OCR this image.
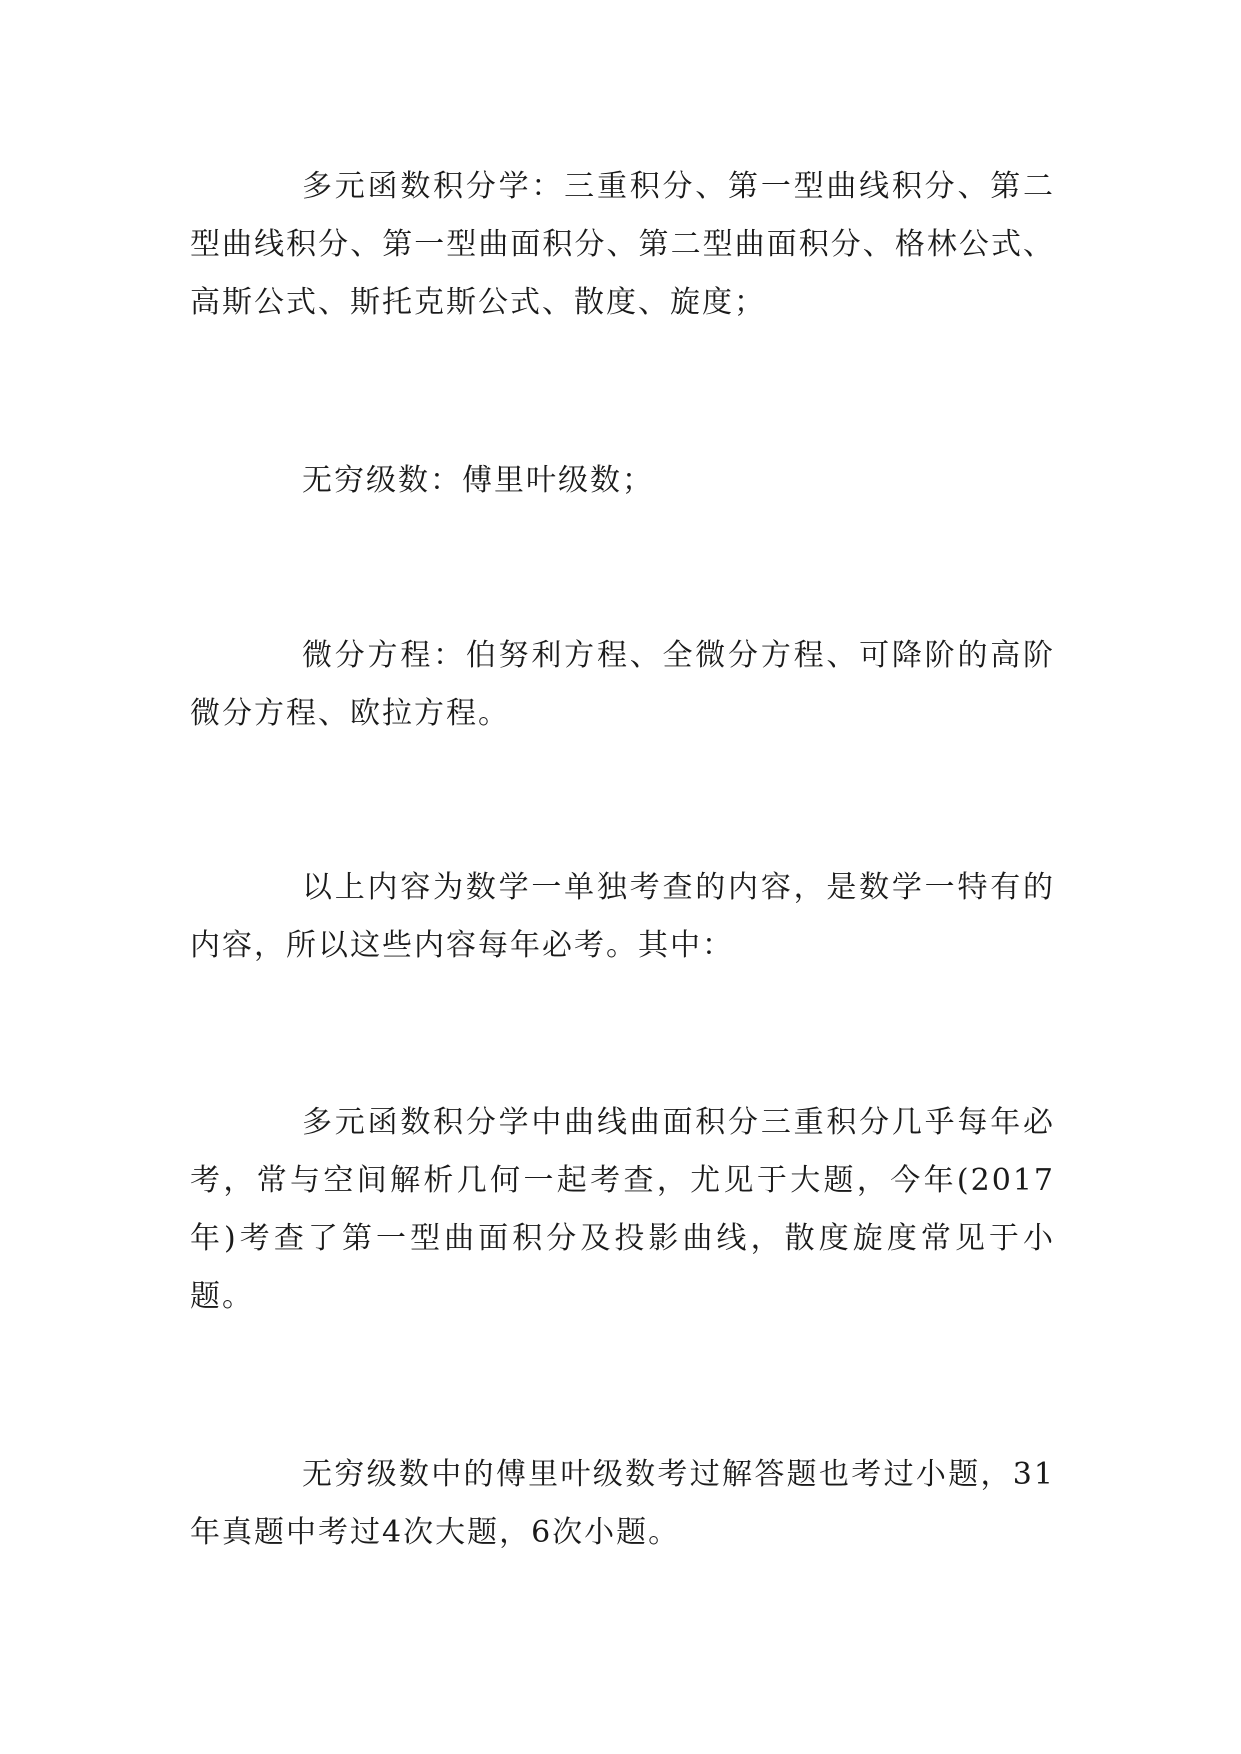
多元函数积分学：三重积分、第一型曲线积分、第二型曲线积分、第一型曲面积分、第二型曲面积分、格林公式、高斯公式、斯托克斯公式、散度、旋度；

无穷级数：傅里叶级数；

微分方程：伯努利方程、全微分方程、可降阶的高阶微分方程、欧拉方程。

以上内容为数学一单独考查的内容，是数学一特有的内容，所以这些内容每年必考。其中：

多元函数积分学中曲线曲面积分三重积分几乎每年必考，常与空间解析几何一起考查，尤见于大题，今年(2017年)考查了第一型曲面积分及投影曲线，散度旋度常见于小题。

无穷级数中的傅里叶级数考过解答题也考过小题，31年真题中考过4次大题，6次小题。
